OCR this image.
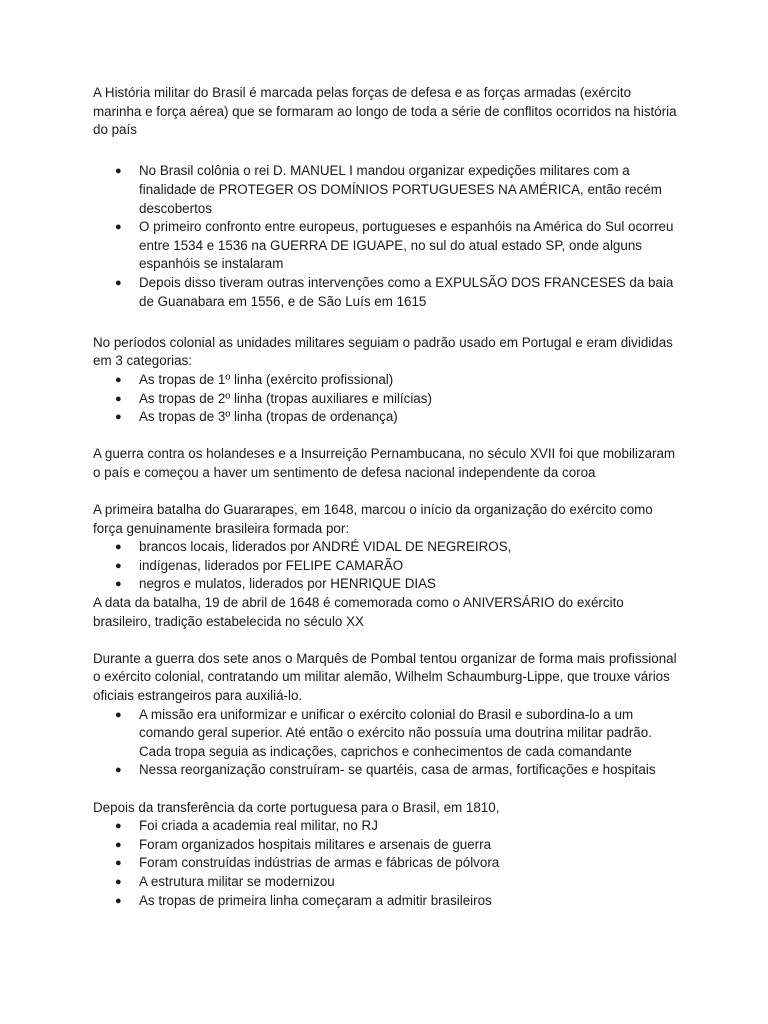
A História militar do Brasil é marcada pelas forças de defesa e as forças armadas (exército marinha e força aérea) que se formaram ao longo de toda a série de conflitos ocorridos na história do país

● No Brasil colônia o rei D. MANUEL I mandou organizar expedições militares com a finalidade de PROTEGER OS DOMÍNIOS PORTUGUESES NA AMÉRICA, então recém descobertos
● O primeiro confronto entre europeus, portugueses e espanhóis na América do Sul ocorreu entre 1534 e 1536 na GUERRA DE IGUAPE, no sul do atual estado SP, onde alguns espanhóis se instalaram
● Depois disso tiveram outras intervenções como a EXPULSÃO DOS FRANCESES da baia de Guanabara em 1556, e de São Luís em 1615

No períodos colonial as unidades militares seguiam o padrão usado em Portugal e eram divididas em 3 categorias:

● As tropas de 1º linha (exército profissional)
● As tropas de 2º linha (tropas auxiliares e milícias)
● As tropas de 3º linha (tropas de ordenança)

A guerra contra os holandeses e a Insurreição Pernambucana, no século XVII foi que mobilizaram o país e começou a haver um sentimento de defesa nacional independente da coroa

A primeira batalha do Guararapes, em 1648, marcou o início da organização do exército como força genuinamente brasileira formada por:

● brancos locais, liderados por ANDRÉ VIDAL DE NEGREIROS,
● indígenas, liderados por FELIPE CAMARÃO
● negros e mulatos, liderados por HENRIQUE DIAS

A data da batalha, 19 de abril de 1648 é comemorada como o ANIVERSÁRIO do exército brasileiro, tradição estabelecida no século XX

Durante a guerra dos sete anos o Marquês de Pombal tentou organizar de forma mais profissional o exército colonial, contratando um militar alemão, Wilhelm Schaumburg-Lippe, que trouxe vários oficiais estrangeiros para auxiliá-lo.

● A missão era uniformizar e unificar o exército colonial do Brasil e subordina-lo a um comando geral superior. Até então o exército não possuía uma doutrina militar padrão. Cada tropa seguia as indicações, caprichos e conhecimentos de cada comandante
● Nessa reorganização construíram- se quartéis, casa de armas, fortificações e hospitais

Depois da transferência da corte portuguesa para o Brasil, em 1810,

● Foi criada a academia real militar, no RJ
● Foram organizados hospitais militares e arsenais de guerra
● Foram construídas indústrias de armas e fábricas de pólvora
● A estrutura militar se modernizou
● As tropas de primeira linha começaram a admitir brasileiros
